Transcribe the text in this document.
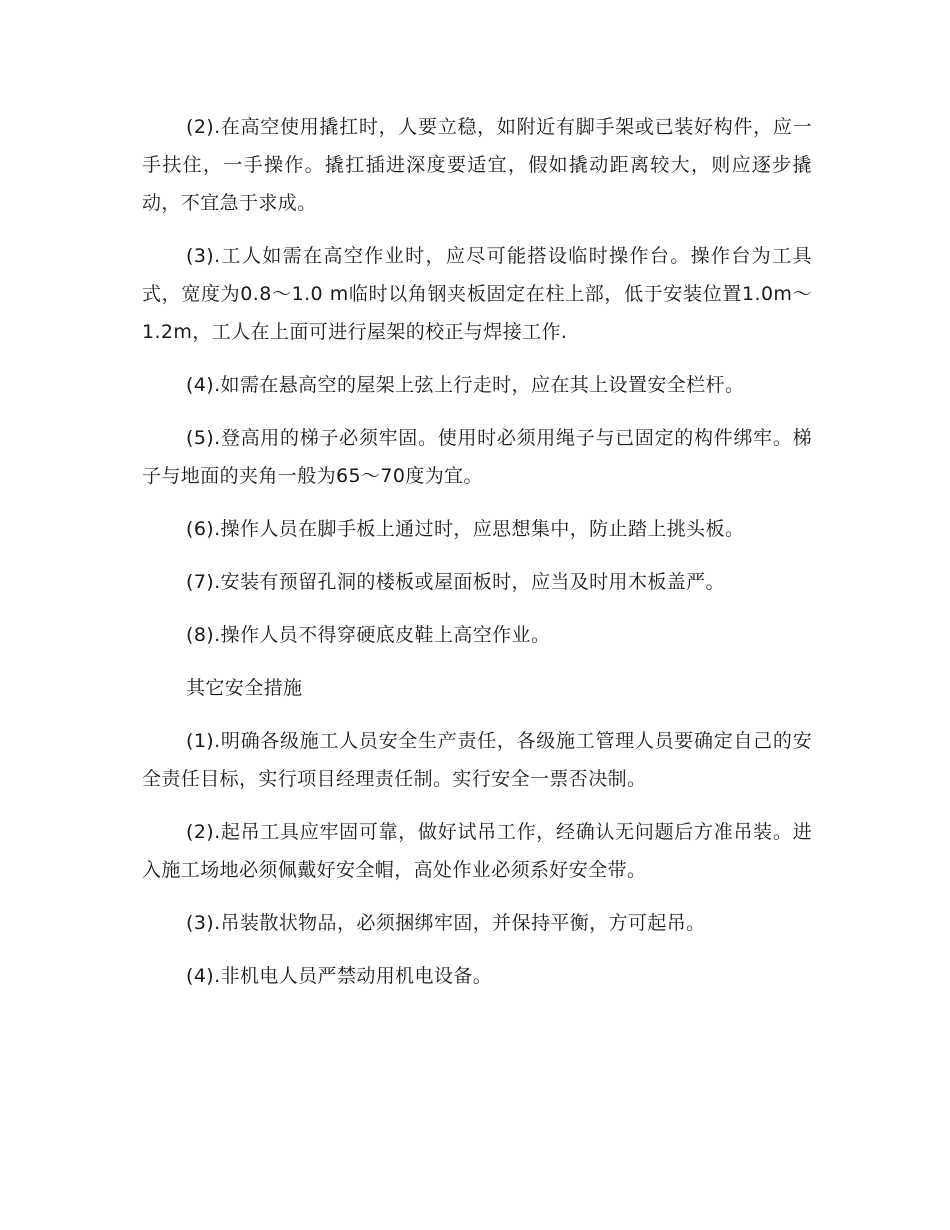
(2).在高空使用撬扛时，人要立稳，如附近有脚手架或已装好构件，应一手扶住，一手操作。撬扛插进深度要适宜，假如撬动距离较大，则应逐步撬动，不宜急于求成。

(3).工人如需在高空作业时，应尽可能搭设临时操作台。操作台为工具式，宽度为0.8～1.0 m临时以角钢夹板固定在柱上部，低于安装位置1.0m～1.2m，工人在上面可进行屋架的校正与焊接工作.

(4).如需在悬高空的屋架上弦上行走时，应在其上设置安全栏杆。

(5).登高用的梯子必须牢固。使用时必须用绳子与已固定的构件绑牢。梯子与地面的夹角一般为65～70度为宜。

(6).操作人员在脚手板上通过时，应思想集中，防止踏上挑头板。

(7).安装有预留孔洞的楼板或屋面板时，应当及时用木板盖严。

(8).操作人员不得穿硬底皮鞋上高空作业。

其它安全措施

(1).明确各级施工人员安全生产责任，各级施工管理人员要确定自己的安全责任目标，实行项目经理责任制。实行安全一票否决制。

(2).起吊工具应牢固可靠，做好试吊工作，经确认无问题后方准吊装。进入施工场地必须佩戴好安全帽，高处作业必须系好安全带。

(3).吊装散状物品，必须捆绑牢固，并保持平衡，方可起吊。

(4).非机电人员严禁动用机电设备。
